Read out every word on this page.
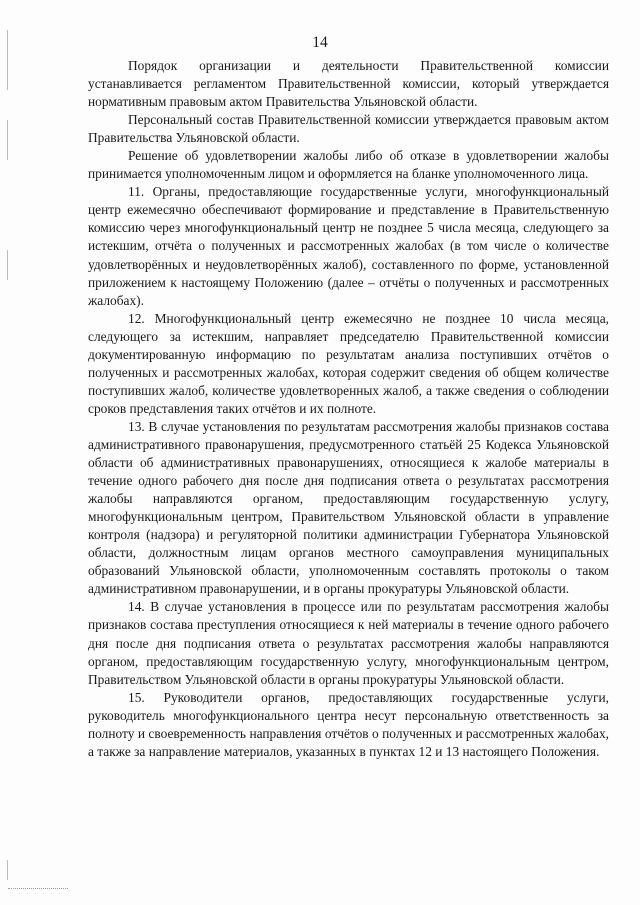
14

Порядок организации и деятельности Правительственной комиссии устанавливается регламентом Правительственной комиссии, который утверждается нормативным правовым актом Правительства Ульяновской области.

Персональный состав Правительственной комиссии утверждается правовым актом Правительства Ульяновской области.

Решение об удовлетворении жалобы либо об отказе в удовлетворении жалобы принимается уполномоченным лицом и оформляется на бланке уполномоченного лица.

11. Органы, предоставляющие государственные услуги, многофункциональный центр ежемесячно обеспечивают формирование и представление в Правительственную комиссию через многофункциональный центр не позднее 5 числа месяца, следующего за истекшим, отчёта о полученных и рассмотренных жалобах (в том числе о количестве удовлетворённых и неудовлетворённых жалоб), составленного по форме, установленной приложением к настоящему Положению (далее – отчёты о полученных и рассмотренных жалобах).

12. Многофункциональный центр ежемесячно не позднее 10 числа месяца, следующего за истекшим, направляет председателю Правительственной комиссии документированную информацию по результатам анализа поступивших отчётов о полученных и рассмотренных жалобах, которая содержит сведения об общем количестве поступивших жалоб, количестве удовлетворенных жалоб, а также сведения о соблюдении сроков представления таких отчётов и их полноте.

13. В случае установления по результатам рассмотрения жалобы признаков состава административного правонарушения, предусмотренного статьёй 25 Кодекса Ульяновской области об административных правонарушениях, относящиеся к жалобе материалы в течение одного рабочего дня после дня подписания ответа о результатах рассмотрения жалобы направляются органом, предоставляющим государственную услугу, многофункциональным центром, Правительством Ульяновской области в управление контроля (надзора) и регуляторной политики администрации Губернатора Ульяновской области, должностным лицам органов местного самоуправления муниципальных образований Ульяновской области, уполномоченным составлять протоколы о таком административном правонарушении, и в органы прокуратуры Ульяновской области.

14. В случае установления в процессе или по результатам рассмотрения жалобы признаков состава преступления относящиеся к ней материалы в течение одного рабочего дня после дня подписания ответа о результатах рассмотрения жалобы направляются органом, предоставляющим государственную услугу, многофункциональным центром, Правительством Ульяновской области в органы прокуратуры Ульяновской области.

15. Руководители органов, предоставляющих государственные услуги, руководитель многофункционального центра несут персональную ответственность за полноту и своевременность направления отчётов о полученных и рассмотренных жалобах, а также за направление материалов, указанных в пунктах 12 и 13 настоящего Положения.
